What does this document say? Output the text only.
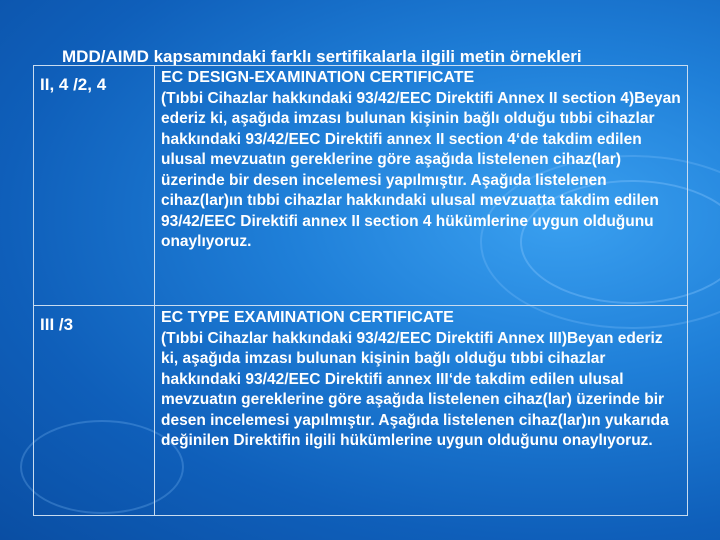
MDD/AIMD kapsamındaki farklı sertifikalarla ilgili metin örnekleri
II, 4 /2, 4	EC DESIGN-EXAMINATION CERTIFICATE
(Tıbbi Cihazlar hakkındaki 93/42/EEC Direktifi Annex II section 4)Beyan ederiz ki, aşağıda imzası bulunan kişinin bağlı olduğu tıbbi cihazlar hakkındaki 93/42/EEC Direktifi annex II section 4‘de takdim edilen ulusal mevzuatın gereklerine göre aşağıda listelenen cihaz(lar) üzerinde bir desen incelemesi yapılmıştır. Aşağıda listelenen cihaz(lar)ın tıbbi cihazlar hakkındaki ulusal mevzuatta takdim edilen 93/42/EEC Direktifi annex II section 4 hükümlerine uygun olduğunu onaylıyoruz.
III /3	EC TYPE EXAMINATION CERTIFICATE
(Tıbbi Cihazlar hakkındaki 93/42/EEC Direktifi Annex III)Beyan ederiz ki, aşağıda imzası bulunan kişinin bağlı olduğu tıbbi cihazlar hakkındaki 93/42/EEC Direktifi annex III‘de takdim edilen ulusal mevzuatın gereklerine göre aşağıda listelenen cihaz(lar) üzerinde bir desen incelemesi yapılmıştır. Aşağıda listelenen cihaz(lar)ın yukarıda değinilen Direktifin ilgili hükümlerine uygun olduğunu onaylıyoruz.
